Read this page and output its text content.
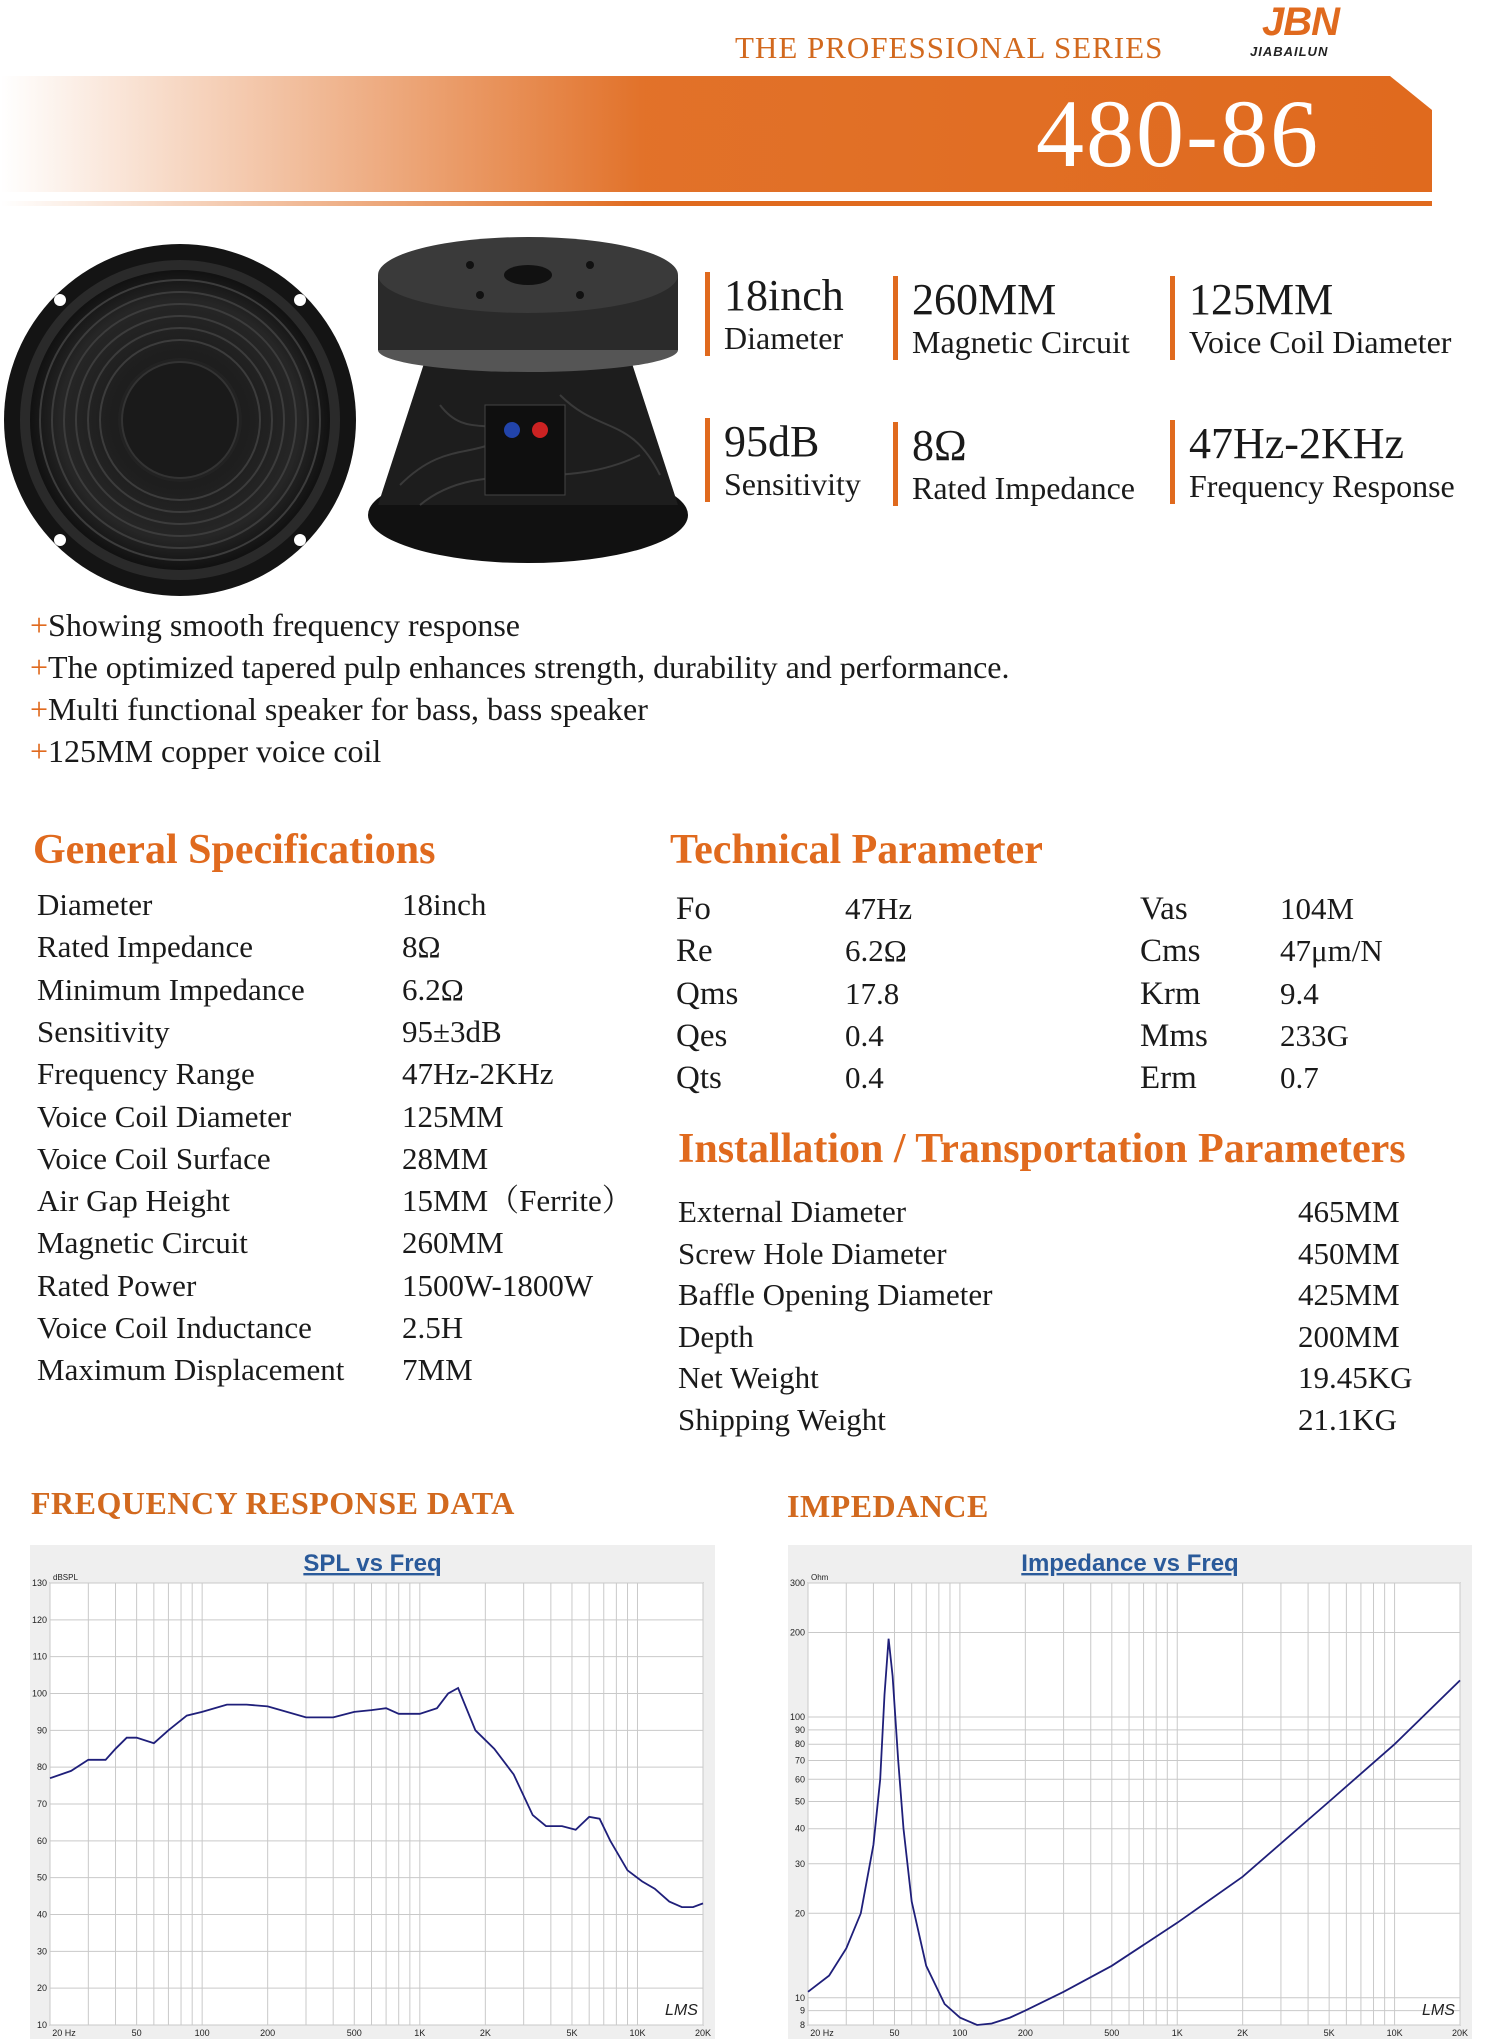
THE PROFESSIONAL SERIES
JBN
JIABAILUN
480-86
18inch
Diameter
260MM
Magnetic Circuit
125MM
Voice Coil Diameter
95dB
Sensitivity
8Ω
Rated Impedance
47Hz-2KHz
Frequency Response
+Showing smooth frequency response
+The optimized tapered pulp enhances strength, durability and performance.
+Multi functional speaker for bass, bass speaker
+125MM copper voice coil
General Specifications
Diameter	18inch
Rated Impedance	8Ω
Minimum Impedance	6.2Ω
Sensitivity	95±3dB
Frequency Range	47Hz-2KHz
Voice Coil Diameter	125MM
Voice Coil Surface	28MM
Air Gap Height	15MM（Ferrite）
Magnetic Circuit	260MM
Rated Power	1500W-1800W
Voice Coil Inductance	2.5H
Maximum Displacement 7MM
Technical Parameter
Fo	47Hz	Vas	104M
Re	6.2Ω	Cms	47μm/N
Qms	17.8	Krm	9.4
Qes	0.4	Mms 233G
Qts	0.4	Erm	0.7
Installation / Transportation Parameters
External Diameter	465MM
Screw Hole Diameter	450MM
Baffle Opening Diameter	425MM
Depth	200MM
Net Weight	19.45KG
Shipping Weight	21.1KG
FREQUENCY RESPONSE DATA	IMPEDANCE
10
20
30
40
50
60
70
80
90
100
110
120
130
20 Hz	50	100	200	500	1K	2K	5K	10K	20K
SPL vs Freq
dBSPL
LMS
8
9
10
20
30
40
50
60
70
80
90
100
200
300
20 Hz	50	100	200	500	1K	2K	5K	10K	20K
Impedance vs Freq
Ohm
LMS
